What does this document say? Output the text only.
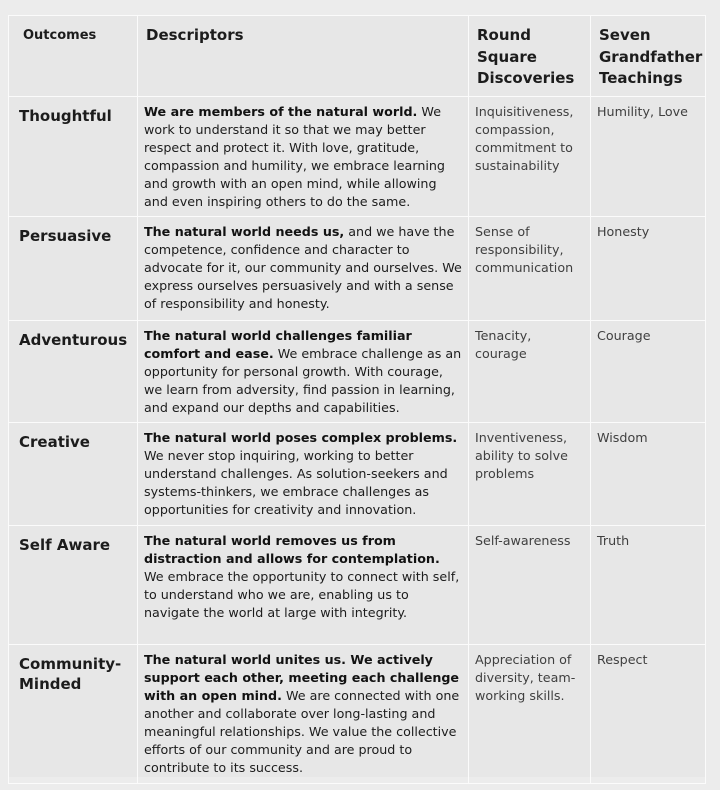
Outcomes	Descriptors	Round Square Discoveries	Seven Grandfather Teachings
Thoughtful	We are members of the natural world. We work to understand it so that we may better respect and protect it. With love, gratitude, compassion and humility, we embrace learning and growth with an open mind, while allowing and even inspiring others to do the same.	Inquisitiveness, compassion, commitment to sustainability	Humility, Love
Persuasive	The natural world needs us, and we have the competence, confidence and character to advocate for it, our community and ourselves. We express ourselves persuasively and with a sense of responsibility and honesty.	Sense of responsibility, communication	Honesty
Adventurous	The natural world challenges familiar comfort and ease. We embrace challenge as an opportunity for personal growth. With courage, we learn from adversity, find passion in learning, and expand our depths and capabilities.	Tenacity, courage	Courage
Creative	The natural world poses complex problems. We never stop inquiring, working to better understand challenges. As solution-seekers and systems-thinkers, we embrace challenges as opportunities for creativity and innovation.	Inventiveness, ability to solve problems	Wisdom
Self Aware	The natural world removes us from distraction and allows for contemplation. We embrace the opportunity to connect with self, to understand who we are, enabling us to navigate the world at large with integrity.	Self-awareness	Truth
Community-Minded	The natural world unites us. We actively support each other, meeting each challenge with an open mind. We are connected with one another and collaborate over long-lasting and meaningful relationships. We value the collective efforts of our community and are proud to contribute to its success.	Appreciation of diversity, team-working skills.	Respect
